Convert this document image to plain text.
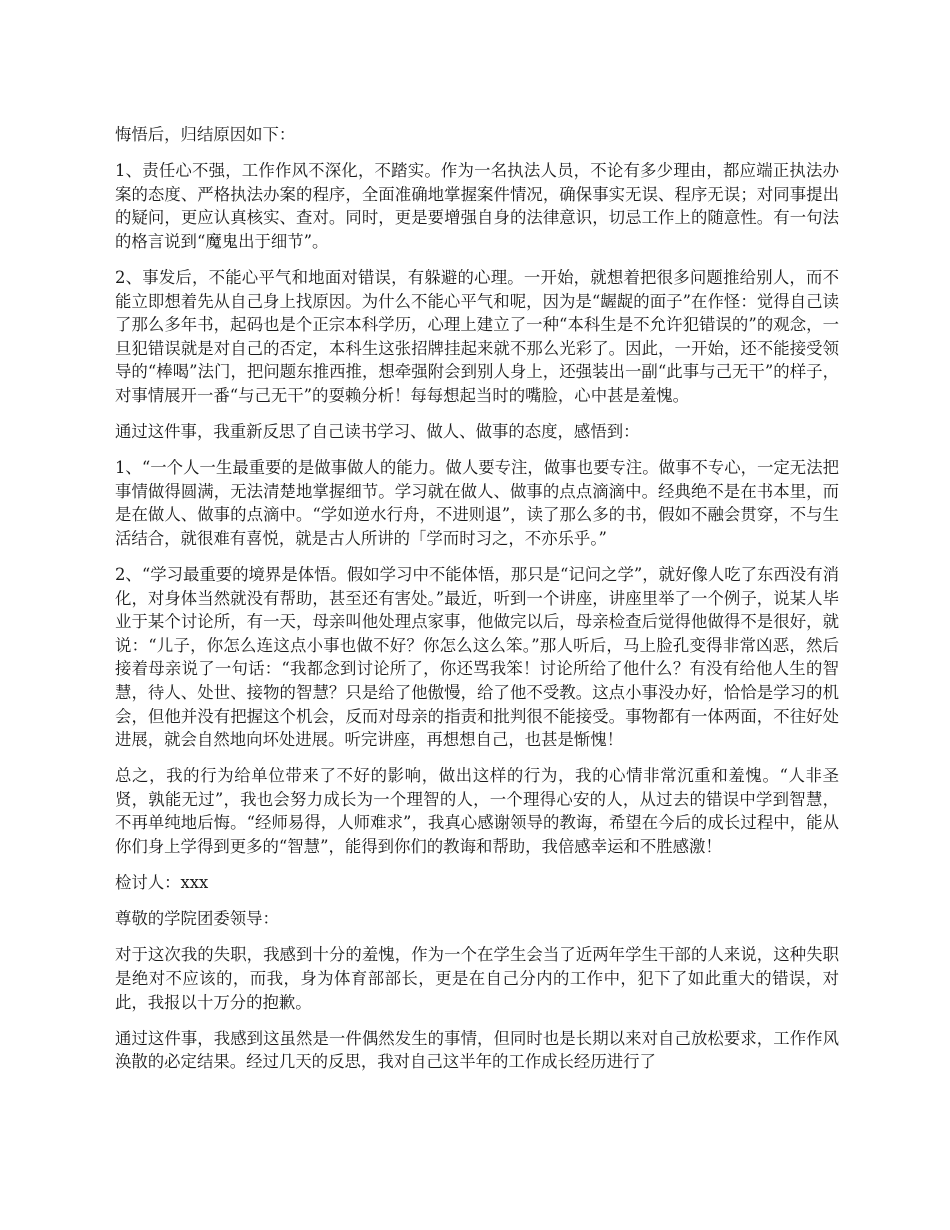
悔悟后，归结原因如下：

1、责任心不强，工作作风不深化，不踏实。作为一名执法人员，不论有多少理由，都应端正执法办案的态度、严格执法办案的程序，全面准确地掌握案件情况，确保事实无误、程序无误；对同事提出的疑问，更应认真核实、查对。同时，更是要增强自身的法律意识，切忌工作上的随意性。有一句法的格言说到“魔鬼出于细节”。

2、事发后，不能心平气和地面对错误，有躲避的心理。一开始，就想着把很多问题推给别人，而不能立即想着先从自己身上找原因。为什么不能心平气和呢，因为是“龌龊的面子”在作怪：觉得自己读了那么多年书，起码也是个正宗本科学历，心理上建立了一种“本科生是不允许犯错误的”的观念，一旦犯错误就是对自己的否定，本科生这张招牌挂起来就不那么光彩了。因此，一开始，还不能接受领导的“棒喝”法门，把问题东推西推，想牵强附会到别人身上，还强装出一副“此事与己无干”的样子，对事情展开一番“与己无干”的耍赖分析！每每想起当时的嘴脸，心中甚是羞愧。

通过这件事，我重新反思了自己读书学习、做人、做事的态度，感悟到：

1、“一个人一生最重要的是做事做人的能力。做人要专注，做事也要专注。做事不专心，一定无法把事情做得圆满，无法清楚地掌握细节。学习就在做人、做事的点点滴滴中。经典绝不是在书本里，而是在做人、做事的点滴中。“学如逆水行舟，不进则退”，读了那么多的书，假如不融会贯穿，不与生活结合，就很难有喜悦，就是古人所讲的「学而时习之，不亦乐乎。”

2、“学习最重要的境界是体悟。假如学习中不能体悟，那只是“记问之学”，就好像人吃了东西没有消化，对身体当然就没有帮助，甚至还有害处。”最近，听到一个讲座，讲座里举了一个例子，说某人毕业于某个讨论所，有一天，母亲叫他处理点家事，他做完以后，母亲检查后觉得他做得不是很好，就说：“儿子，你怎么连这点小事也做不好？你怎么这么笨。”那人听后，马上脸孔变得非常凶恶，然后接着母亲说了一句话：“我都念到讨论所了，你还骂我笨！讨论所给了他什么？有没有给他人生的智慧，待人、处世、接物的智慧？只是给了他傲慢，给了他不受教。这点小事没办好，恰恰是学习的机会，但他并没有把握这个机会，反而对母亲的指责和批判很不能接受。事物都有一体两面，不往好处进展，就会自然地向坏处进展。听完讲座，再想想自己，也甚是惭愧！

总之，我的行为给单位带来了不好的影响，做出这样的行为，我的心情非常沉重和羞愧。“人非圣贤，孰能无过”，我也会努力成长为一个理智的人，一个理得心安的人，从过去的错误中学到智慧，不再单纯地后悔。“经师易得，人师难求”，我真心感谢领导的教诲，希望在今后的成长过程中，能从你们身上学得到更多的“智慧”，能得到你们的教诲和帮助，我倍感幸运和不胜感激！

检讨人：xxx

尊敬的学院团委领导：

对于这次我的失职，我感到十分的羞愧，作为一个在学生会当了近两年学生干部的人来说，这种失职是绝对不应该的，而我，身为体育部部长，更是在自己分内的工作中，犯下了如此重大的错误，对此，我报以十万分的抱歉。

通过这件事，我感到这虽然是一件偶然发生的事情，但同时也是长期以来对自己放松要求，工作作风涣散的必定结果。经过几天的反思，我对自己这半年的工作成长经历进行了
